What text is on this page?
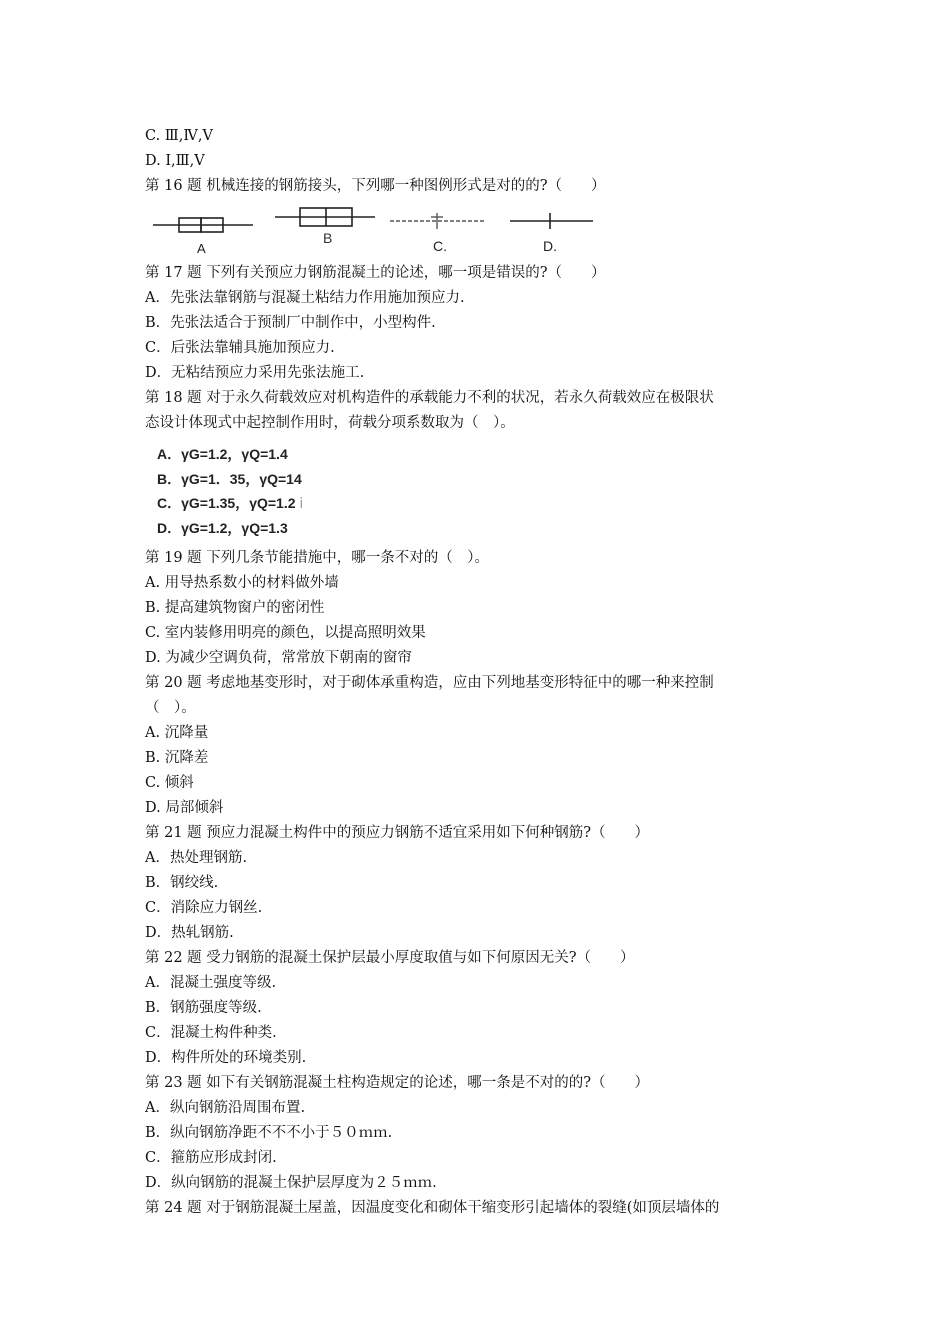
C. Ⅲ,Ⅳ,Ⅴ
D. Ⅰ,Ⅲ,Ⅴ
第 16 题 机械连接的钢筋接头，下列哪一种图例形式是对的的?（　　）
A
B	C.	D.
第 17 题 下列有关预应力钢筋混凝土的论述，哪一项是错误的?（　　）
A．先张法靠钢筋与混凝土粘结力作用施加预应力.
B．先张法适合于预制厂中制作中，小型构件.
C．后张法靠辅具施加预应力.
D．无粘结预应力采用先张法施工.
第 18 题 对于永久荷载效应对机构造件的承载能力不利的状况，若永久荷载效应在极限状
态设计体现式中起控制作用时，荷载分项系数取为（　）。
A．γG=1.2，γQ=1.4
B．γG=1．35，γQ=14
C．γG=1.35，γQ=1.2 ⅰ
D．γG=1.2，γQ=1.3
第 19 题 下列几条节能措施中，哪一条不对的（　）。
A. 用导热系数小的材料做外墙
B. 提高建筑物窗户的密闭性
C. 室内装修用明亮的颜色，以提高照明效果
D. 为减少空调负荷，常常放下朝南的窗帘
第 20 题 考虑地基变形时，对于砌体承重构造，应由下列地基变形特征中的哪一种来控制
（　）。
A. 沉降量
B. 沉降差
C. 倾斜
D. 局部倾斜
第 21 题 预应力混凝土构件中的预应力钢筋不适宜采用如下何种钢筋?（　　）
A．热处理钢筋.
B．钢绞线.
C．消除应力钢丝.
D．热轧钢筋.
第 22 题 受力钢筋的混凝土保护层最小厚度取值与如下何原因无关?（　　）
A．混凝土强度等级.
B．钢筋强度等级.
C．混凝土构件种类.
D．构件所处的环境类别.
第 23 题 如下有关钢筋混凝土柱构造规定的论述，哪一条是不对的的?（　　）
A．纵向钢筋沿周围布置.
B．纵向钢筋净距不不不小于５０ｍｍ.
C．箍筋应形成封闭.
D．纵向钢筋的混凝土保护层厚度为２５ｍｍ.
第 24 题 对于钢筋混凝土屋盖，因温度变化和砌体干缩变形引起墙体的裂缝(如顶层墙体的
